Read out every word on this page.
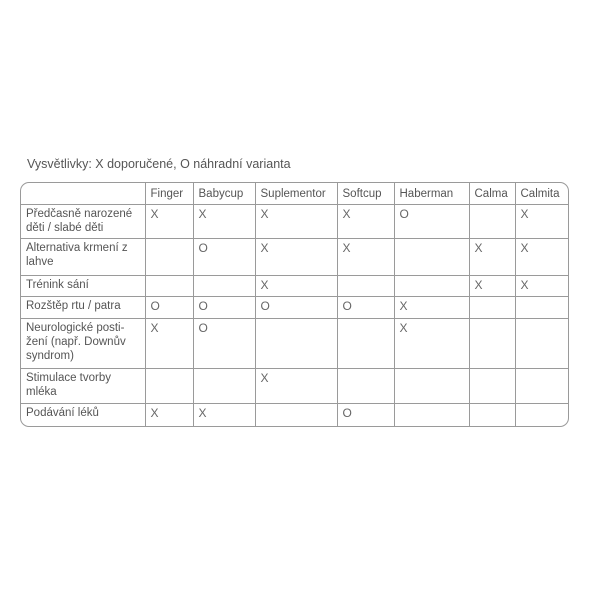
Vysvětlivky: X doporučené, O náhradní varianta
	Finger	Babycup	Suplementor	Softcup	Haberman	Calma	Calmita
Předčasně narozené děti / slabé děti	X	X	X	X	O		X
Alternativa krmení z lahve		O	X	X		X	X
Trénink sání			X			X	X
Rozštěp rtu / patra	O	O	O	O	X		
Neurologické posti-žení (např. Downův syndrom)	X	O			X		
Stimulace tvorby mléka			X				
Podávání léků	X	X		O			
